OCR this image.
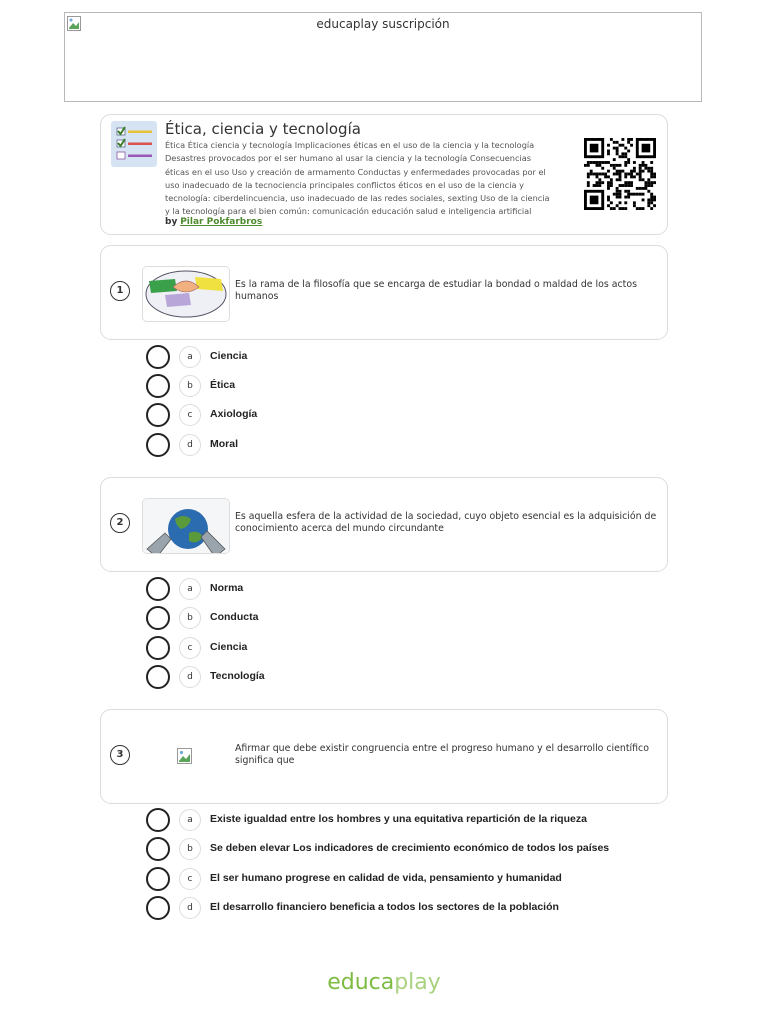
educaplay suscripción
Ética, ciencia y tecnología
Ética Ética ciencia y tecnología Implicaciones éticas en el uso de la ciencia y la tecnología Desastres provocados por el ser humano al usar la ciencia y la tecnología Consecuencias éticas en el uso Uso y creación de armamento Conductas y enfermedades provocadas por el uso inadecuado de la tecnociencia principales conflictos éticos en el uso de la ciencia y tecnología: ciberdelincuencia, uso inadecuado de las redes sociales, sexting Uso de la ciencia y la tecnología para el bien común: comunicación educación salud e inteligencia artificial
by Pilar Pokfarbros
1
Es la rama de la filosofía que se encarga de estudiar la bondad o maldad de los actos humanos
a	Ciencia
b	Ética
c	Axiología
d	Moral
2
Es aquella esfera de la actividad de la sociedad, cuyo objeto esencial es la adquisición de conocimiento acerca del mundo circundante
a	Norma
b	Conducta
c	Ciencia
d	Tecnología
3
Afirmar que debe existir congruencia entre el progreso humano y el desarrollo científico significa que
a	Existe igualdad entre los hombres y una equitativa repartición de la riqueza
b	Se deben elevar Los indicadores de crecimiento económico de todos los países
c	El ser humano progrese en calidad de vida, pensamiento y humanidad
d	El desarrollo financiero beneficia a todos los sectores de la población
educaplay
